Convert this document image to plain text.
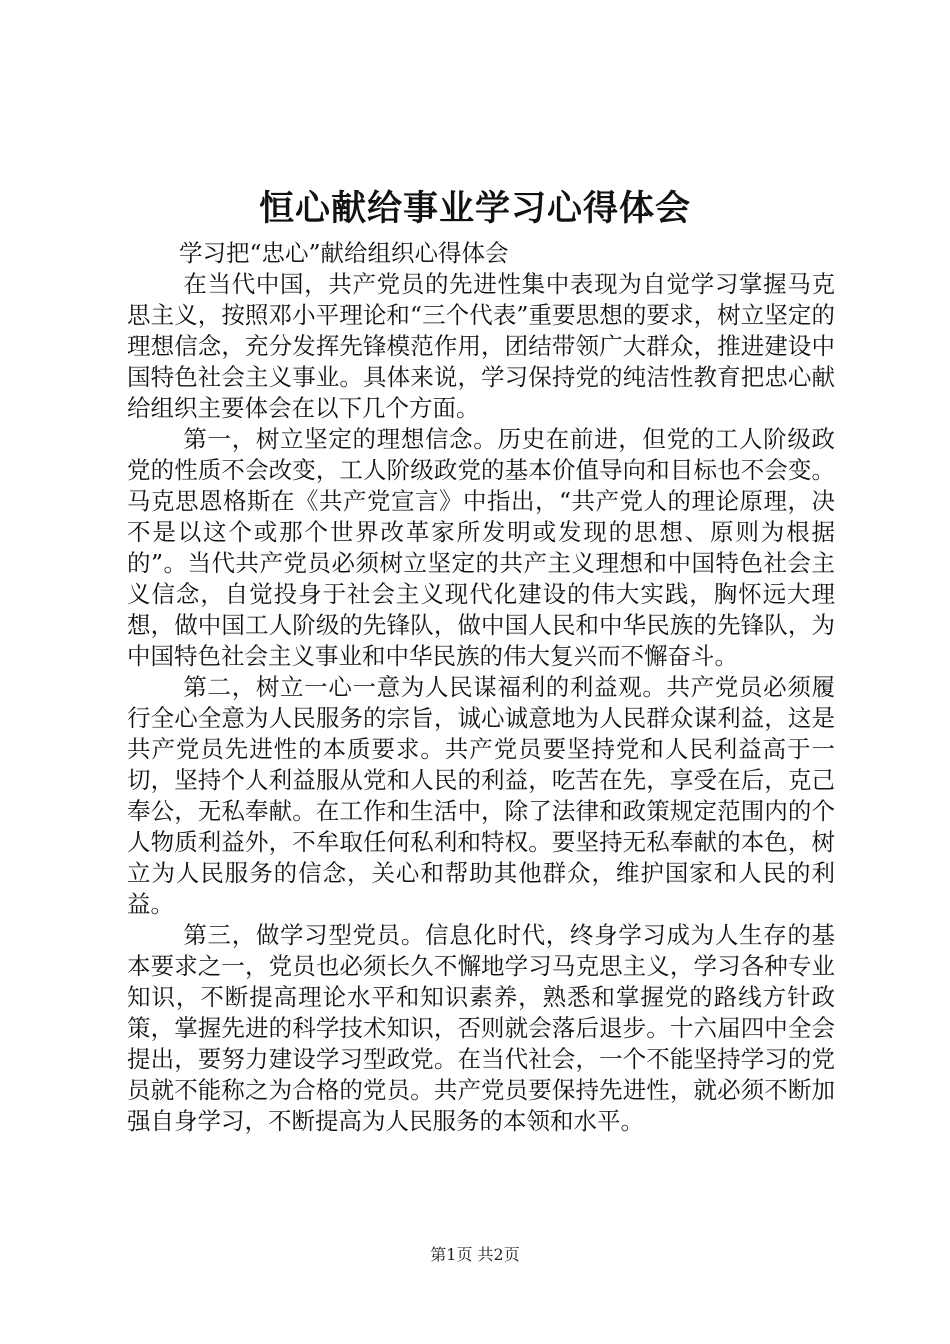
恒心献给事业学习心得体会

学习把“忠心”献给组织心得体会

在当代中国，共产党员的先进性集中表现为自觉学习掌握马克思主义，按照邓小平理论和“三个代表”重要思想的要求，树立坚定的理想信念，充分发挥先锋模范作用，团结带领广大群众，推进建设中国特色社会主义事业。具体来说，学习保持党的纯洁性教育把忠心献给组织主要体会在以下几个方面。

第一，树立坚定的理想信念。历史在前进，但党的工人阶级政党的性质不会改变，工人阶级政党的基本价值导向和目标也不会变。马克思恩格斯在《共产党宣言》中指出，“共产党人的理论原理，决不是以这个或那个世界改革家所发明或发现的思想、原则为根据的”。当代共产党员必须树立坚定的共产主义理想和中国特色社会主义信念，自觉投身于社会主义现代化建设的伟大实践，胸怀远大理想，做中国工人阶级的先锋队，做中国人民和中华民族的先锋队，为中国特色社会主义事业和中华民族的伟大复兴而不懈奋斗。

第二，树立一心一意为人民谋福利的利益观。共产党员必须履行全心全意为人民服务的宗旨，诚心诚意地为人民群众谋利益，这是共产党员先进性的本质要求。共产党员要坚持党和人民利益高于一切，坚持个人利益服从党和人民的利益，吃苦在先，享受在后，克己奉公，无私奉献。在工作和生活中，除了法律和政策规定范围内的个人物质利益外，不牟取任何私利和特权。要坚持无私奉献的本色，树立为人民服务的信念，关心和帮助其他群众，维护国家和人民的利益。

第三，做学习型党员。信息化时代，终身学习成为人生存的基本要求之一，党员也必须长久不懈地学习马克思主义，学习各种专业知识，不断提高理论水平和知识素养，熟悉和掌握党的路线方针政策，掌握先进的科学技术知识，否则就会落后退步。十六届四中全会提出，要努力建设学习型政党。在当代社会，一个不能坚持学习的党员就不能称之为合格的党员。共产党员要保持先进性，就必须不断加强自身学习，不断提高为人民服务的本领和水平。

第1页 共2页
